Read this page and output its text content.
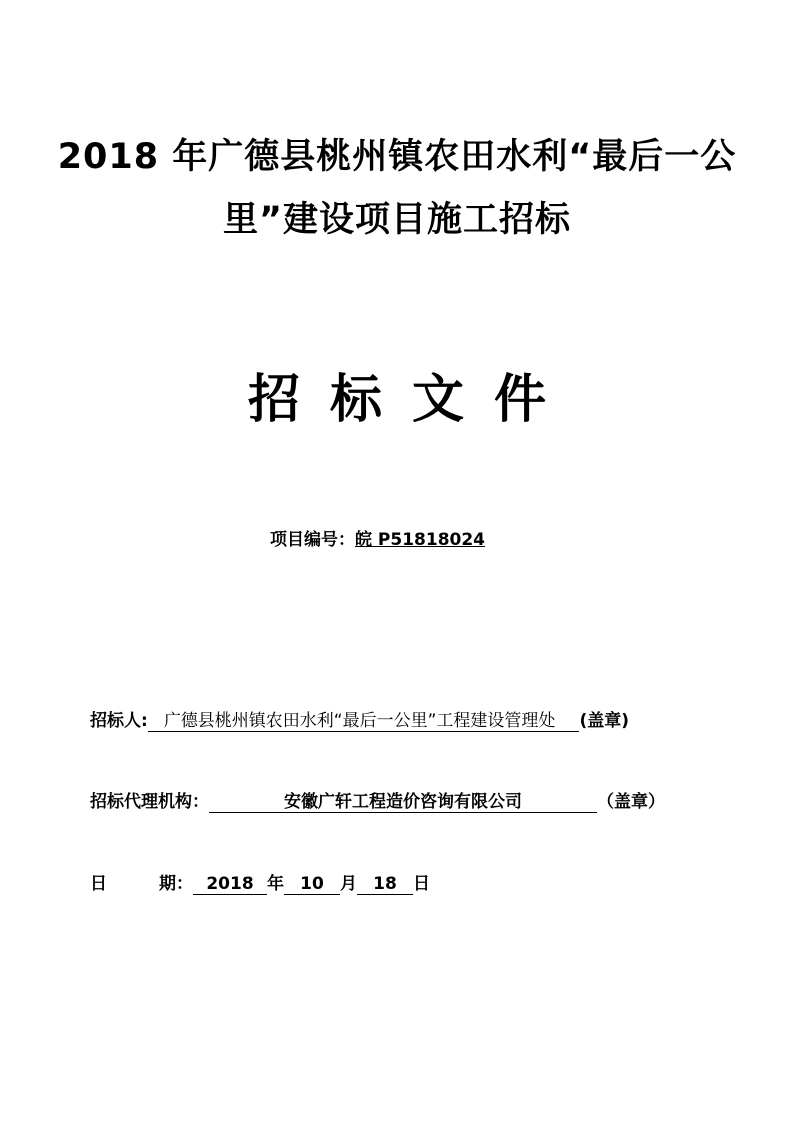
2018 年广德县桃州镇农田水利“最后一公
里”建设项目施工招标
招标文件
项目编号：皖 P51818024
招标人: 广德县桃州镇农田水利“最后一公里”工程建设管理处 (盖章)
招标代理机构：	安徽广轩工程造价咨询有限公司	（盖章）
日	期： 2018 年 10 月 18 日
